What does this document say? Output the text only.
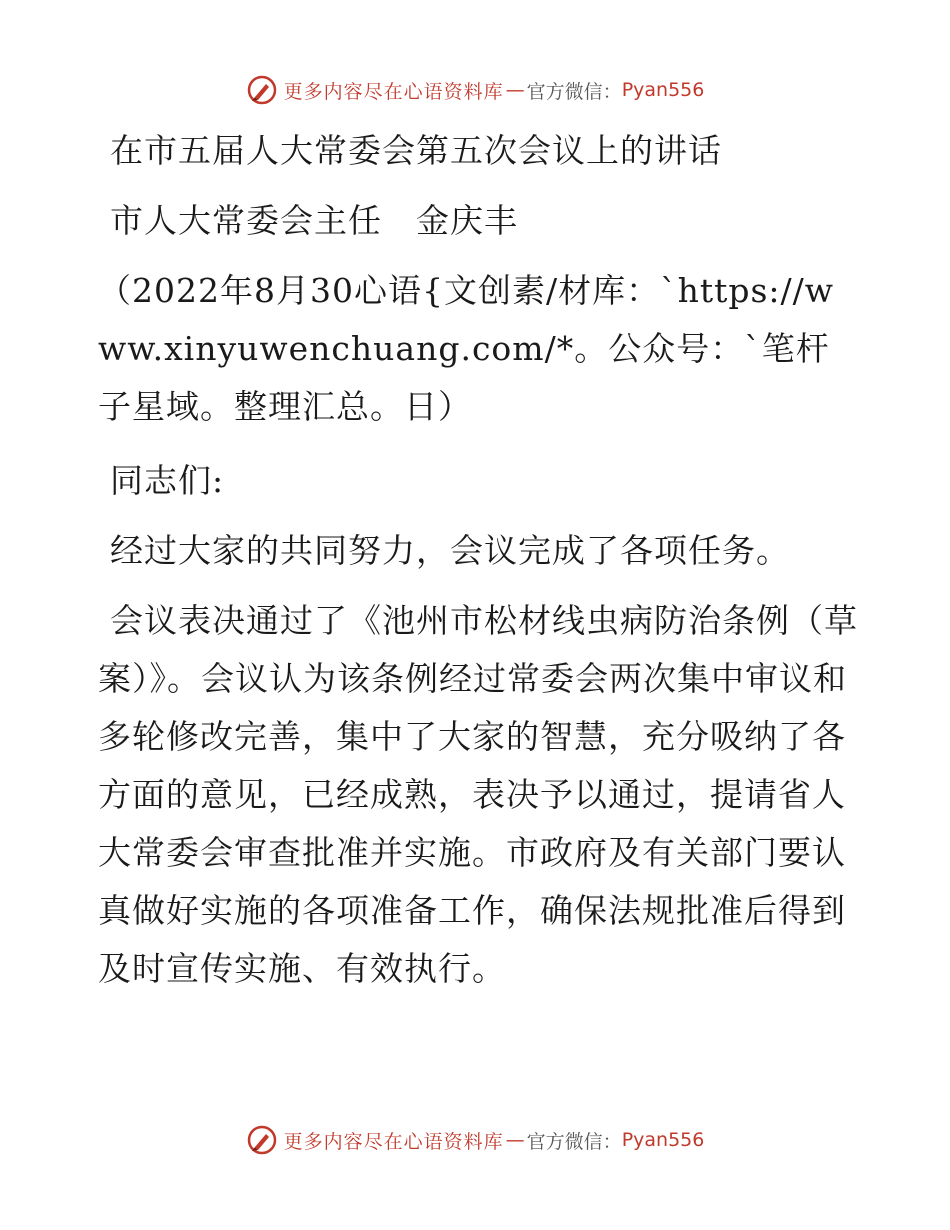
更多内容尽在心语资料库 — 官方微信： Pyan556

在市五届人大常委会第五次会议上的讲话

市人大常委会主任　金庆丰

（2022年8月30心语{文创素/材库：`https://www.xinyuwenchuang.com/*。公众号：`笔杆子星域。整理汇总。日）

同志们:

经过大家的共同努力，会议完成了各项任务。

会议表决通过了《池州市松材线虫病防治条例（草案）》。会议认为该条例经过常委会两次集中审议和多轮修改完善，集中了大家的智慧，充分吸纳了各方面的意见，已经成熟，表决予以通过，提请省人大常委会审查批准并实施。市政府及有关部门要认真做好实施的各项准备工作，确保法规批准后得到及时宣传实施、有效执行。

更多内容尽在心语资料库 — 官方微信： Pyan556
